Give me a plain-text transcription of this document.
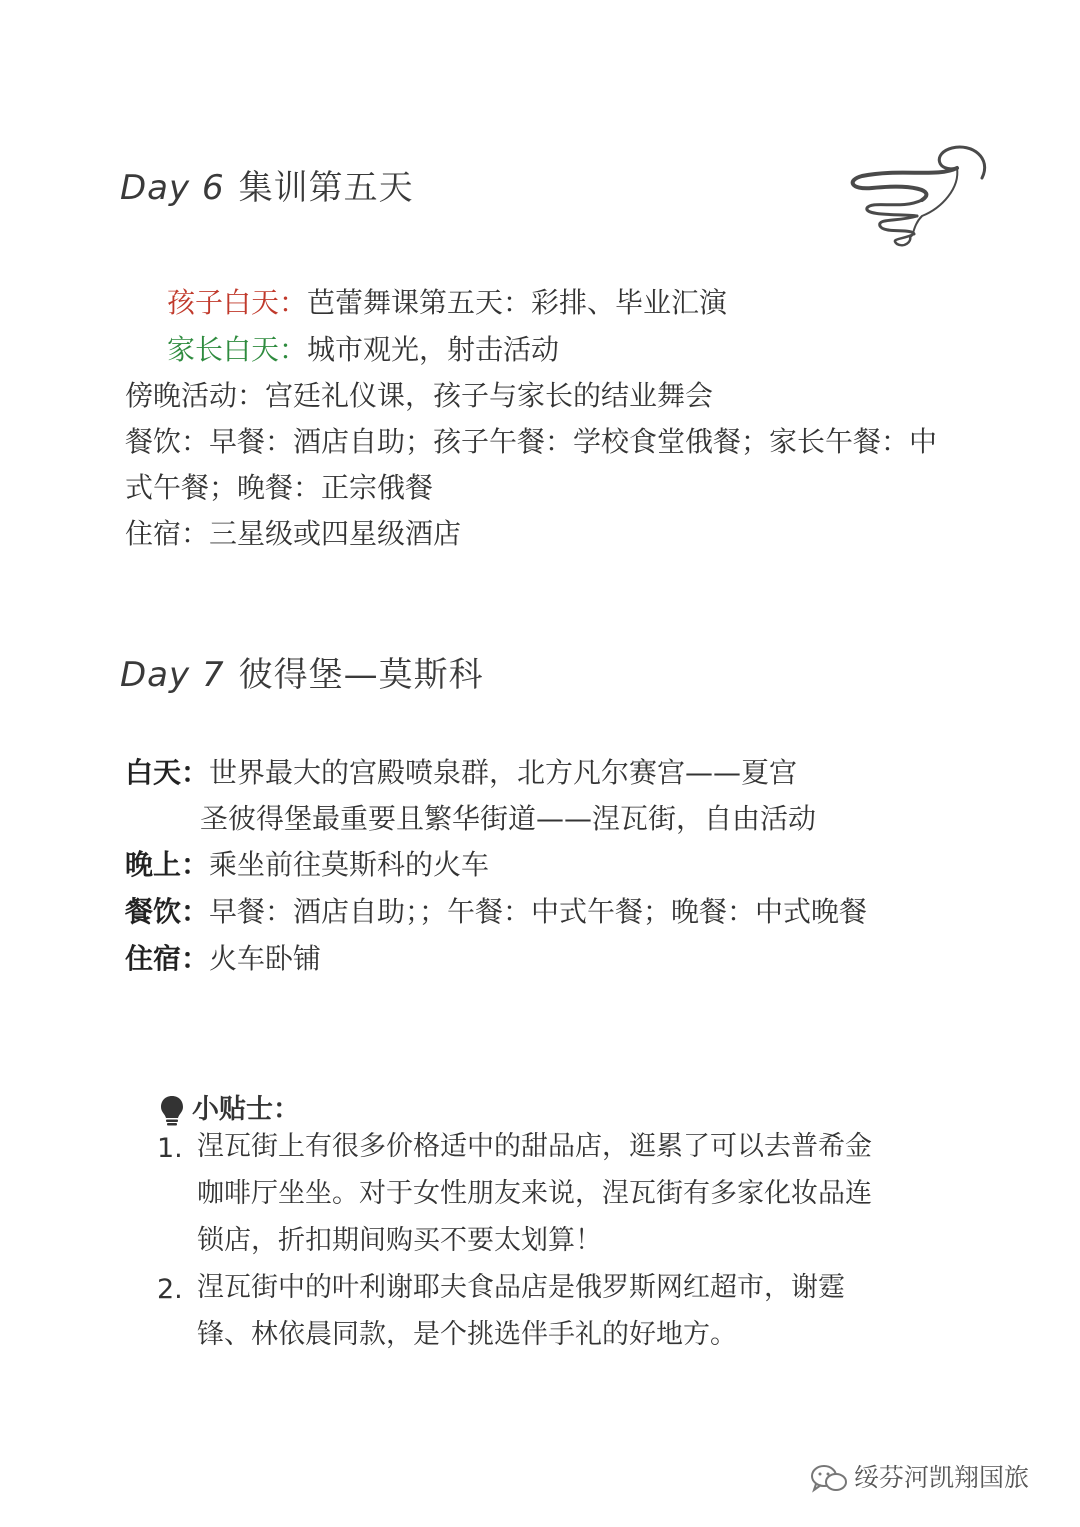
Day 6 集训第五天
孩子白天：芭蕾舞课第五天：彩排、毕业汇演
家长白天：城市观光，射击活动
傍晚活动：宫廷礼仪课，孩子与家长的结业舞会
餐饮：早餐：酒店自助；孩子午餐：学校食堂俄餐；家长午餐：中
式午餐；晚餐：正宗俄餐
住宿：三星级或四星级酒店
Day 7 彼得堡—莫斯科
白天：世界最大的宫殿喷泉群，北方凡尔赛宫——夏宫
圣彼得堡最重要且繁华街道——涅瓦街，自由活动
晚上：乘坐前往莫斯科的火车
餐饮：早餐：酒店自助；；午餐：中式午餐；晚餐：中式晚餐
住宿：火车卧铺
小贴士：
1. 涅瓦街上有很多价格适中的甜品店，逛累了可以去普希金
咖啡厅坐坐。对于女性朋友来说，涅瓦街有多家化妆品连
锁店，折扣期间购买不要太划算！
2. 涅瓦街中的叶利谢耶夫食品店是俄罗斯网红超市，谢霆
锋、林依晨同款，是个挑选伴手礼的好地方。
绥芬河凯翔国旅
